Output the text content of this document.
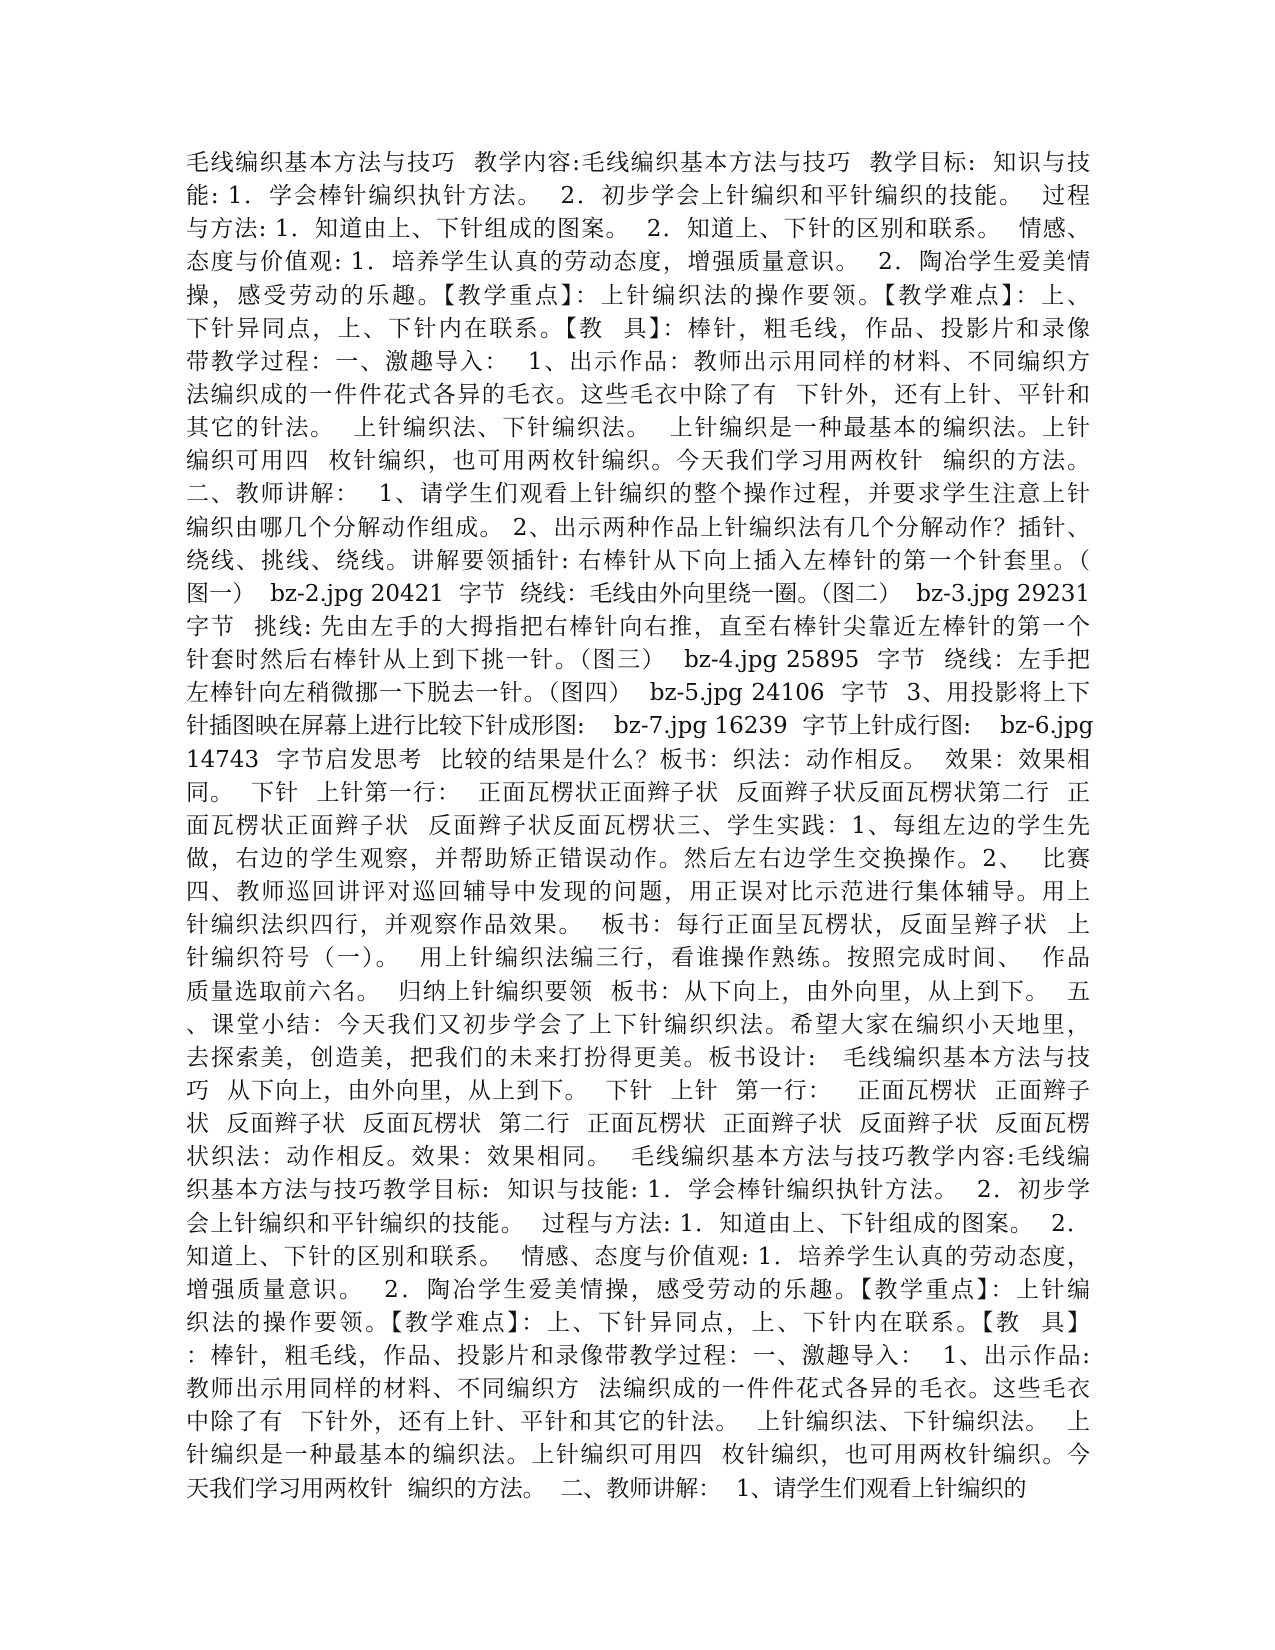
毛线编织基本方法与技巧  教学内容:毛线编织基本方法与技巧  教学目标:  知识与技
能: 1．学会棒针编织执针方法。  2．初步学会上针编织和平针编织的技能。  过程
与方法: 1．知道由上、下针组成的图案。  2．知道上、下针的区别和联系。  情感、
态度与价值观: 1．培养学生认真的劳动态度，增强质量意识。  2．陶冶学生爱美情
操，感受劳动的乐趣。【教学重点】：上针编织法的操作要领。【教学难点】：上、
下针异同点，上、下针内在联系。【教  具】：棒针，粗毛线，作品、投影片和录像
带教学过程：一、激趣导入：  1、出示作品：教师出示用同样的材料、不同编织方
法编织成的一件件花式各异的毛衣。这些毛衣中除了有  下针外，还有上针、平针和
其它的针法。  上针编织法、下针编织法。  上针编织是一种最基本的编织法。上针
编织可用四  枚针编织，也可用两枚针编织。今天我们学习用两枚针  编织的方法。
二、教师讲解：  1、请学生们观看上针编织的整个操作过程，并要求学生注意上针
编织由哪几个分解动作组成。 2、出示两种作品上针编织法有几个分解动作？插针、
绕线、挑线、绕线。讲解要领插针: 右棒针从下向上插入左棒针的第一个针套里。（
图一）  bz-2.jpg 20421  字节  绕线：毛线由外向里绕一圈。（图二）  bz-3.jpg 29231
字节  挑线: 先由左手的大拇指把右棒针向右推，直至右棒针尖靠近左棒针的第一个
针套时然后右棒针从上到下挑一针。（图三）  bz-4.jpg 25895  字节  绕线：左手把
左棒针向左稍微挪一下脱去一针。（图四）  bz-5.jpg 24106  字节  3、用投影将上下
针插图映在屏幕上进行比较下针成形图:    bz-7.jpg 16239  字节上针成行图:    bz-6.jpg
14743  字节启发思考  比较的结果是什么？板书：织法：动作相反。  效果：效果相
同。  下针  上针第一行：  正面瓦楞状正面辫子状  反面辫子状反面瓦楞状第二行  正
面瓦楞状正面辫子状  反面辫子状反面瓦楞状三、学生实践：1、每组左边的学生先
做，右边的学生观察，并帮助矫正错误动作。然后左右边学生交换操作。2、  比赛
四、教师巡回讲评对巡回辅导中发现的问题，用正误对比示范进行集体辅导。用上
针编织法织四行，并观察作品效果。  板书：每行正面呈瓦楞状，反面呈辫子状  上
针编织符号（一）。  用上针编织法编三行，看谁操作熟练。按照完成时间、  作品
质量选取前六名。  归纳上针编织要领  板书：从下向上，由外向里，从上到下。  五
、课堂小结：今天我们又初步学会了上下针编织织法。希望大家在编织小天地里，
去探索美，创造美，把我们的未来打扮得更美。板书设计:   毛线编织基本方法与技
巧  从下向上，由外向里，从上到下。  下针  上针  第一行：   正面瓦楞状  正面辫子
状  反面辫子状  反面瓦楞状  第二行  正面瓦楞状  正面辫子状  反面辫子状  反面瓦楞
状织法：动作相反。效果：效果相同。  毛线编织基本方法与技巧教学内容:毛线编
织基本方法与技巧教学目标:  知识与技能: 1．学会棒针编织执针方法。  2．初步学
会上针编织和平针编织的技能。  过程与方法: 1．知道由上、下针组成的图案。  2．
知道上、下针的区别和联系。  情感、态度与价值观: 1．培养学生认真的劳动态度，
增强质量意识。  2．陶冶学生爱美情操，感受劳动的乐趣。【教学重点】：上针编
织法的操作要领。【教学难点】：上、下针异同点，上、下针内在联系。【教  具】
：棒针，粗毛线，作品、投影片和录像带教学过程：一、激趣导入：  1、出示作品:
教师出示用同样的材料、不同编织方  法编织成的一件件花式各异的毛衣。这些毛衣
中除了有  下针外，还有上针、平针和其它的针法。  上针编织法、下针编织法。  上
针编织是一种最基本的编织法。上针编织可用四  枚针编织，也可用两枚针编织。今
天我们学习用两枚针  编织的方法。  二、教师讲解：  1、请学生们观看上针编织的
